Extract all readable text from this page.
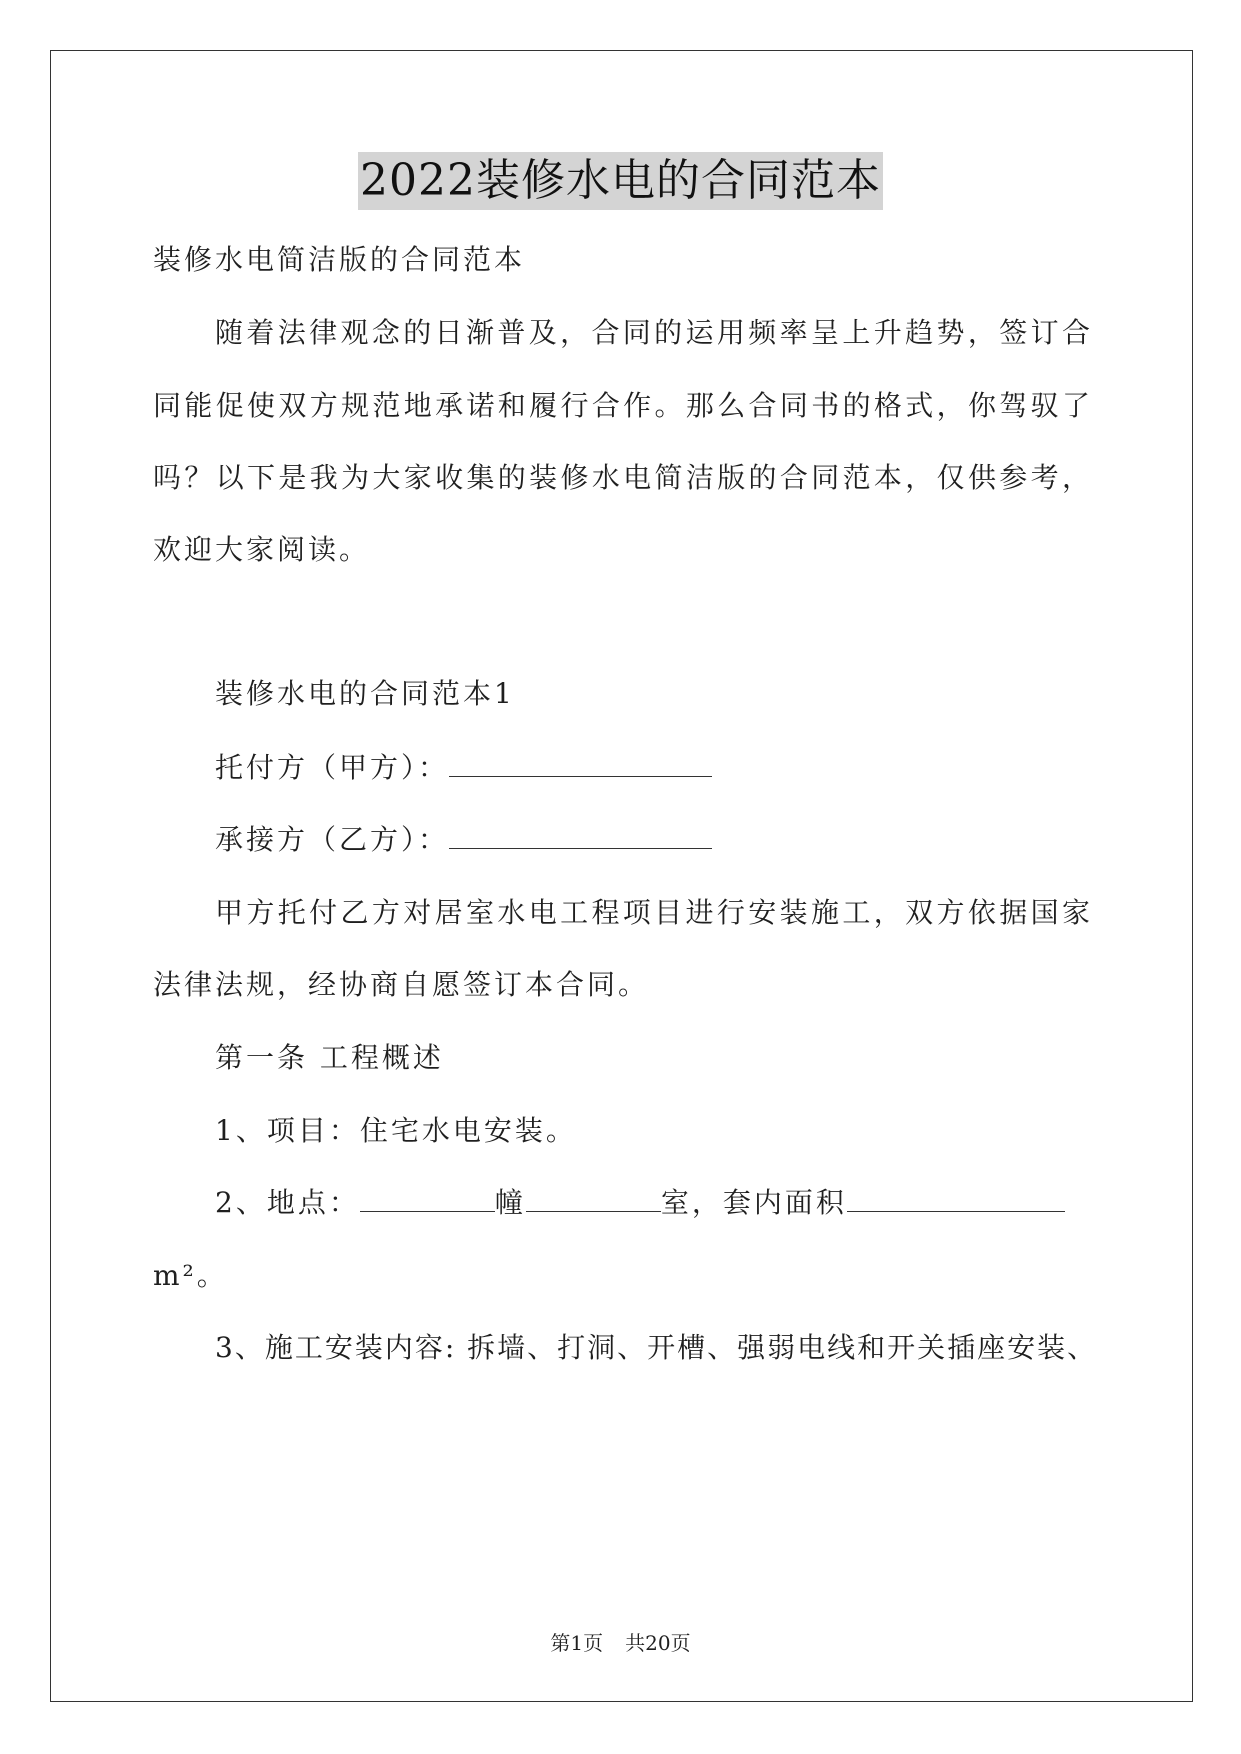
2022装修水电的合同范本
装修水电简洁版的合同范本
随着法律观念的日渐普及，合同的运用频率呈上升趋势，签订合
同能促使双方规范地承诺和履行合作。那么合同书的格式，你驾驭了
吗？以下是我为大家收集的装修水电简洁版的合同范本，仅供参考，
欢迎大家阅读。
装修水电的合同范本1
托付方（甲方）：
承接方（乙方）：
甲方托付乙方对居室水电工程项目进行安装施工，双方依据国家
法律法规，经协商自愿签订本合同。
第一条 工程概述
1、项目：住宅水电安装。
2、地点：	幢	室，套内面积
m²。
3、施工安装内容: 拆墙、打洞、开槽、强弱电线和开关插座安装、
第1页 共20页
